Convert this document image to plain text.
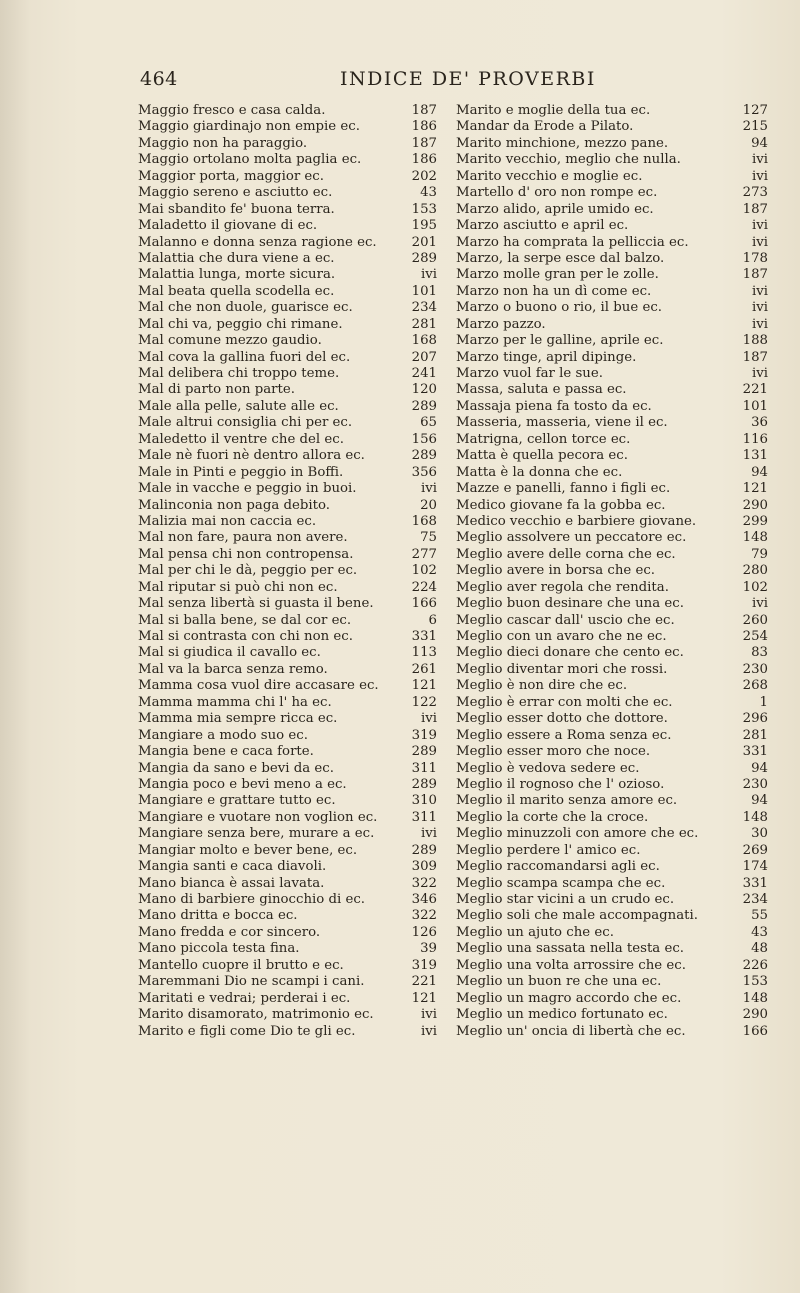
464	INDICE DE' PROVERBI
Maggio fresco e casa calda.	187
Maggio giardinajo non empie ec.	186
Maggio non ha paraggio.	187
Maggio ortolano molta paglia ec.	186
Maggior porta, maggior ec.	202
Maggio sereno e asciutto ec.	43
Mai sbandito fe' buona terra.	153
Maladetto il giovane di ec.	195
Malanno e donna senza ragione ec.	201
Malattia che dura viene a ec.	289
Malattia lunga, morte sicura.	ivi
Mal beata quella scodella ec.	101
Mal che non duole, guarisce ec.	234
Mal chi va, peggio chi rimane.	281
Mal comune mezzo gaudio.	168
Mal cova la gallina fuori del ec.	207
Mal delibera chi troppo teme.	241
Mal di parto non parte.	120
Male alla pelle, salute alle ec.	289
Male altrui consiglia chi per ec.	65
Maledetto il ventre che del ec.	156
Male nè fuori nè dentro allora ec.	289
Male in Pinti e peggio in Boffi.	356
Male in vacche e peggio in buoi.	ivi
Malinconia non paga debito.	20
Malizia mai non caccia ec.	168
Mal non fare, paura non avere.	75
Mal pensa chi non contropensa.	277
Mal per chi le dà, peggio per ec.	102
Mal riputar si può chi non ec.	224
Mal senza libertà si guasta il bene.	166
Mal si balla bene, se dal cor ec.	6
Mal si contrasta con chi non ec.	331
Mal si giudica il cavallo ec.	113
Mal va la barca senza remo.	261
Mamma cosa vuol dire accasare ec. 121
Mamma mamma chi l' ha ec.	122
Mamma mia sempre ricca ec.	ivi
Mangiare a modo suo ec.	319
Mangia bene e caca forte.	289
Mangia da sano e bevi da ec.	311
Mangia poco e bevi meno a ec.	289
Mangiare e grattare tutto ec.	310
Mangiare e vuotare non voglion ec.	311
Mangiare senza bere, murare a ec.	ivi
Mangiar molto e bever bene, ec.	289
Mangia santi e caca diavoli.	309
Mano bianca è assai lavata.	322
Mano di barbiere ginocchio di ec.	346
Mano dritta e bocca ec.	322
Mano fredda e cor sincero.	126
Mano piccola testa fina.	39
Mantello cuopre il brutto e ec.	319
Maremmani Dio ne scampi i cani.	221
Maritati e vedrai; perderai i ec.	121
Marito disamorato, matrimonio ec.	ivi
Marito e figli come Dio te gli ec.	ivi
Marito e moglie della tua ec.	127
Mandar da Erode a Pilato.	215
Marito minchione, mezzo pane.	94
Marito vecchio, meglio che nulla.	ivi
Marito vecchio e moglie ec.	ivi
Martello d' oro non rompe ec.	273
Marzo alido, aprile umido ec.	187
Marzo asciutto e april ec.	ivi
Marzo ha comprata la pelliccia ec.	ivi
Marzo, la serpe esce dal balzo.	178
Marzo molle gran per le zolle.	187
Marzo non ha un dì come ec.	ivi
Marzo o buono o rio, il bue ec.	ivi
Marzo pazzo.	ivi
Marzo per le galline, aprile ec.	188
Marzo tinge, april dipinge.	187
Marzo vuol far le sue.	ivi
Massa, saluta e passa ec.	221
Massaja piena fa tosto da ec.	101
Masseria, masseria, viene il ec.	36
Matrigna, cellon torce ec.	116
Matta è quella pecora ec.	131
Matta è la donna che ec.	94
Mazze e panelli, fanno i figli ec.	121
Medico giovane fa la gobba ec.	290
Medico vecchio e barbiere giovane.	299
Meglio assolvere un peccatore ec.	148
Meglio avere delle corna che ec.	79
Meglio avere in borsa che ec.	280
Meglio aver regola che rendita.	102
Meglio buon desinare che una ec.	ivi
Meglio cascar dall' uscio che ec.	260
Meglio con un avaro che ne ec.	254
Meglio dieci donare che cento ec.	83
Meglio diventar mori che rossi.	230
Meglio è non dire che ec.	268
Meglio è errar con molti che ec.	1
Meglio esser dotto che dottore.	296
Meglio essere a Roma senza ec.	281
Meglio esser moro che noce.	331
Meglio è vedova sedere ec.	94
Meglio il rognoso che l' ozioso.	230
Meglio il marito senza amore ec.	94
Meglio la corte che la croce.	148
Meglio minuzzoli con amore che ec.	30
Meglio perdere l' amico ec.	269
Meglio raccomandarsi agli ec.	174
Meglio scampa scampa che ec.	331
Meglio star vicini a un crudo ec.	234
Meglio soli che male accompagnati.	55
Meglio un ajuto che ec.	43
Meglio una sassata nella testa ec.	48
Meglio una volta arrossire che ec.	226
Meglio un buon re che una ec.	153
Meglio un magro accordo che ec.	148
Meglio un medico fortunato ec.	290
Meglio un' oncia di libertà che ec.	166
